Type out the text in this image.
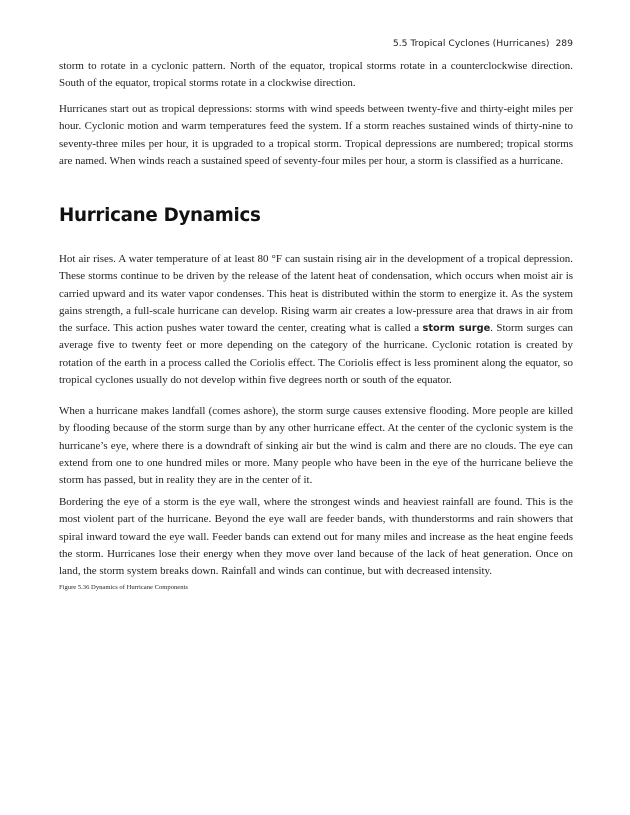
5.5 Tropical Cyclones (Hurricanes) 289

storm to rotate in a cyclonic pattern. North of the equator, tropical storms rotate in a counterclockwise direction. South of the equator, tropical storms rotate in a clockwise direction.

Hurricanes start out as tropical depressions: storms with wind speeds between twenty-five and thirty-eight miles per hour. Cyclonic motion and warm temperatures feed the system. If a storm reaches sustained winds of thirty-nine to seventy-three miles per hour, it is upgraded to a tropical storm. Tropical depressions are numbered; tropical storms are named. When winds reach a sustained speed of seventy-four miles per hour, a storm is classified as a hurricane.

Hurricane Dynamics

Hot air rises. A water temperature of at least 80 °F can sustain rising air in the development of a tropical depression. These storms continue to be driven by the release of the latent heat of condensation, which occurs when moist air is carried upward and its water vapor condenses. This heat is distributed within the storm to energize it. As the system gains strength, a full-scale hurricane can develop. Rising warm air creates a low-pressure area that draws in air from the surface. This action pushes water toward the center, creating what is called a storm surge. Storm surges can average five to twenty feet or more depending on the category of the hurricane. Cyclonic rotation is created by rotation of the earth in a process called the Coriolis effect. The Coriolis effect is less prominent along the equator, so tropical cyclones usually do not develop within five degrees north or south of the equator.

When a hurricane makes landfall (comes ashore), the storm surge causes extensive flooding. More people are killed by flooding because of the storm surge than by any other hurricane effect. At the center of the cyclonic system is the hurricane’s eye, where there is a downdraft of sinking air but the wind is calm and there are no clouds. The eye can extend from one to one hundred miles or more. Many people who have been in the eye of the hurricane believe the storm has passed, but in reality they are in the center of it.

Bordering the eye of a storm is the eye wall, where the strongest winds and heaviest rainfall are found. This is the most violent part of the hurricane. Beyond the eye wall are feeder bands, with thunderstorms and rain showers that spiral inward toward the eye wall. Feeder bands can extend out for many miles and increase as the heat engine feeds the storm. Hurricanes lose their energy when they move over land because of the lack of heat generation. Once on land, the storm system breaks down. Rainfall and winds can continue, but with decreased intensity.

Figure 5.36 Dynamics of Hurricane Components
